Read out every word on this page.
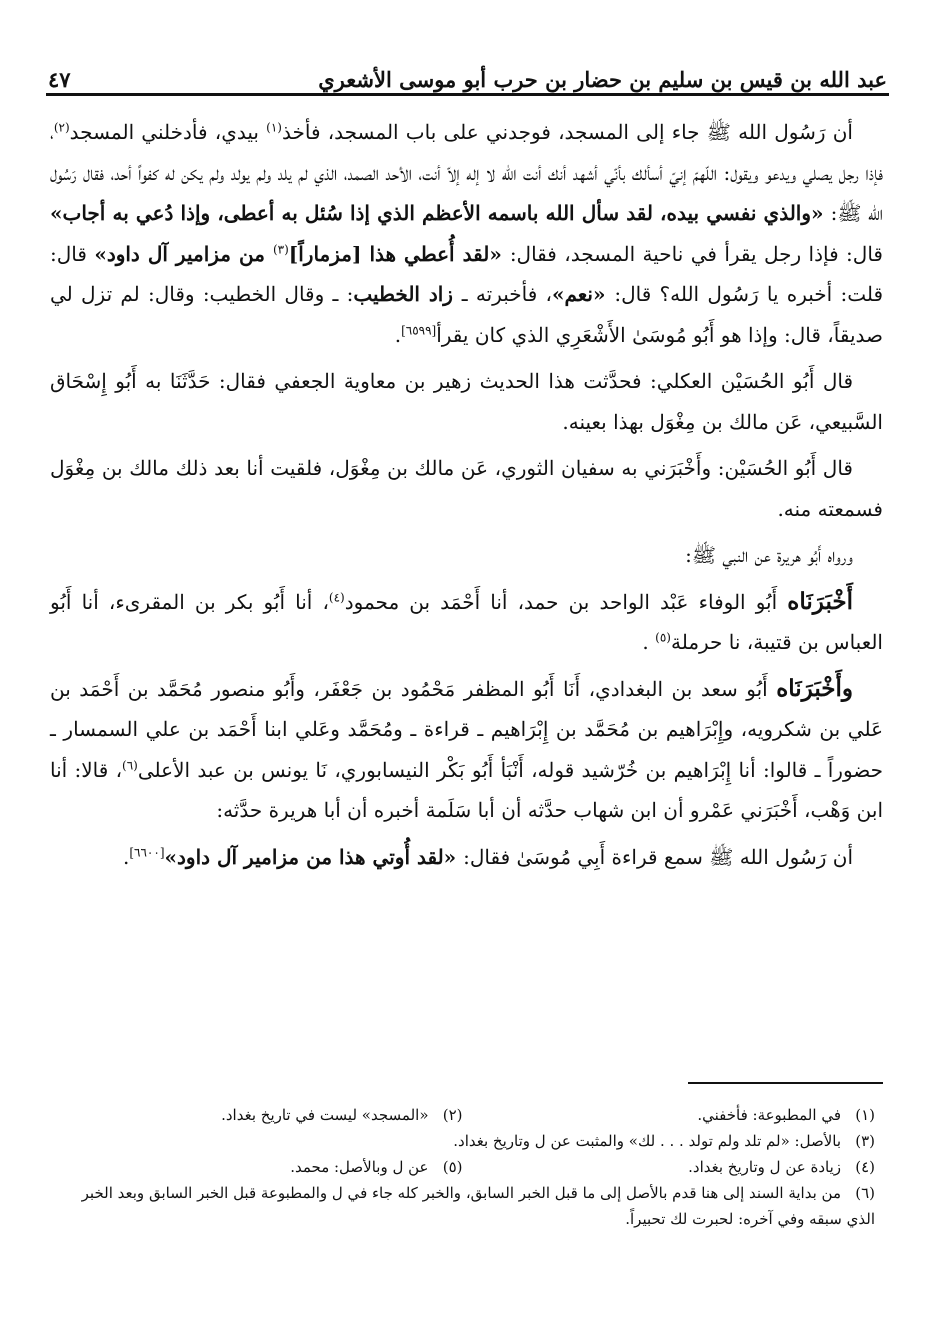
عبد الله بن قيس بن سليم بن حضار بن حرب أبو موسى الأشعري
٤٧

أن رَسُول الله ﷺ جاء إلى المسجد، فوجدني على باب المسجد، فأخذ$^{(١)}$ بيدي، فأدخلني المسجد$^{(٢)}$، فإذا رجل يصلي ويدعو ويقول: اللّهمّ إنيّ أسألك بأنّي أشهد أنك أنت الله لا إله إلاّ أنت، الأحد الصمد، الذي لم يلد ولم يولد ولم يكن له كفواً أحد، فقال رَسُول الله ﷺ: «والذي نفسي بيده، لقد سأل الله باسمه الأعظم الذي إذا سُئل به أعطى، وإذا دُعي به أجاب» قال: فإذا رجل يقرأ في ناحية المسجد، فقال: «لقد أُعطي هذا [مزماراً]$^{(٣)}$ من مزامير آل داود» قال: قلت: أخبره يا رَسُول الله؟ قال: «نعم»، فأخبرته ـ زاد الخطيب: ـ وقال الخطيب: وقال: لم تزل لي صديقاً، قال: وإذا هو أَبُو مُوسَىٰ الأَشْعَرِي الذي كان يقرأ[٦٥٩٩].

قال أَبُو الحُسَيْن العكلي: فحدَّثت هذا الحديث زهير بن معاوية الجعفي فقال: حَدَّثَنَا به أَبُو إِسْحَاق السَّبيعي، عَن مالك بن مِغْوَل بهذا بعينه.

قال أَبُو الحُسَيْن: وأَخْبَرَني به سفيان الثوري، عَن مالك بن مِغْوَل، فلقيت أنا بعد ذلك مالك بن مِغْوَل فسمعته منه.

ورواه أَبُو هريرة عن النبي ﷺ:

أَخْبَرَنَاه أَبُو الوفاء عَبْد الواحد بن حمد، أنا أَحْمَد بن محمود$^{(٤)}$، أنا أَبُو بكر بن المقرىء، أنا أَبُو العباس بن قتيبة، نا حرملة$^{(٥)}$ .

وأَخْبَرَنَاه أَبُو سعد بن البغدادي، أَنَا أَبُو المظفر مَحْمُود بن جَعْفَر، وأَبُو منصور مُحَمَّد بن أَحْمَد بن عَلي بن شكرويه، وإِبْرَاهيم بن مُحَمَّد بن إِبْرَاهيم ـ قراءة ـ ومُحَمَّد وعَلي ابنا أَحْمَد بن علي السمسار ـ حضوراً ـ قالوا: أنا إِبْرَاهيم بن خُرّشيد قوله، أَنْبَأ أَبُو بَكْر النيسابوري، نَا يونس بن عبد الأعلى$^{(٦)}$، قالا: أنا ابن وَهْب، أَخْبَرَني عَمْرو أن ابن شهاب حدَّثه أن أبا سَلَمة أخبره أن أبا هريرة حدَّثه:

أن رَسُول الله ﷺ سمع قراءة أَبِي مُوسَىٰ فقال: «لقد أُوتي هذا من مزامير آل داود»[٦٦٠٠].

(١)في المطبوعة: فأخفني.
(٢)«المسجد» ليست في تاريخ بغداد.
(٣)بالأصل: «لم تلد ولم تولد . . . لك» والمثبت عن ل وتاريخ بغداد.
(٤)زيادة عن ل وتاريخ بغداد.
(٥)عن ل وبالأصل: محمد.
(٦)من بداية السند إلى هنا قدم بالأصل إلى ما قبل الخبر السابق، والخبر كله جاء في ل والمطبوعة قبل الخبر السابق وبعد الخبر الذي سبقه وفي آخره: لحبرت لك تحبيراً.
